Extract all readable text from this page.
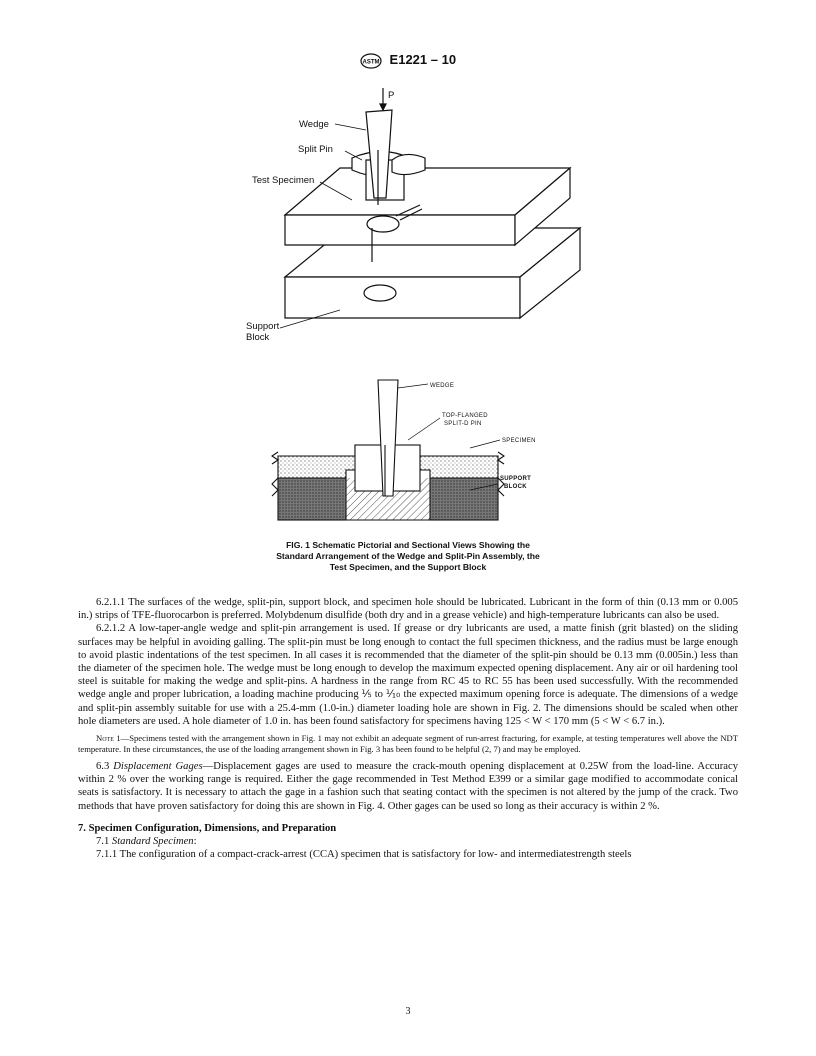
ASTM E1221 – 10
P
Wedge
Split Pin
Test Specimen
Support
Block
WEDGE
TOP-FLANGED
SPLIT-D PIN
SPECIMEN
SUPPORT
BLOCK
FIG. 1 Schematic Pictorial and Sectional Views Showing the
Standard Arrangement of the Wedge and Split-Pin Assembly, the
Test Specimen, and the Support Block

6.2.1.1 The surfaces of the wedge, split-pin, support block, and specimen hole should be lubricated. Lubricant in the form of thin (0.13 mm or 0.005 in.) strips of TFE-fluorocarbon is preferred. Molybdenum disulfide (both dry and in a grease vehicle) and high-temperature lubricants can also be used.

6.2.1.2 A low-taper-angle wedge and split-pin arrangement is used. If grease or dry lubricants are used, a matte finish (grit blasted) on the sliding surfaces may be helpful in avoiding galling. The split-pin must be long enough to contact the full specimen thickness, and the radius must be large enough to avoid plastic indentations of the test specimen. In all cases it is recommended that the diameter of the split-pin should be 0.13 mm (0.005in.) less than the diameter of the specimen hole. The wedge must be long enough to develop the maximum expected opening displacement. Any air or oil hardening tool steel is suitable for making the wedge and split-pins. A hardness in the range from RC 45 to RC 55 has been used successfully. With the recommended wedge angle and proper lubrication, a loading machine producing ⅕ to ⅒ the expected maximum opening force is adequate. The dimensions of a wedge and split-pin assembly suitable for use with a 25.4-mm (1.0-in.) diameter loading hole are shown in Fig. 2. The dimensions should be scaled when other hole diameters are used. A hole diameter of 1.0 in. has been found satisfactory for specimens having 125 < W < 170 mm (5 < W < 6.7 in.).

Note 1—Specimens tested with the arrangement shown in Fig. 1 may not exhibit an adequate segment of run-arrest fracturing, for example, at testing temperatures well above the NDT temperature. In these circumstances, the use of the loading arrangement shown in Fig. 3 has been found to be helpful (2, 7) and may be employed.

6.3 Displacement Gages—Displacement gages are used to measure the crack-mouth opening displacement at 0.25W from the load-line. Accuracy within 2 % over the working range is required. Either the gage recommended in Test Method E399 or a similar gage modified to accommodate conical seats is satisfactory. It is necessary to attach the gage in a fashion such that seating contact with the specimen is not altered by the jump of the crack. Two methods that have proven satisfactory for doing this are shown in Fig. 4. Other gages can be used so long as their accuracy is within 2 %.

7. Specimen Configuration, Dimensions, and Preparation

7.1 Standard Specimen:

7.1.1 The configuration of a compact-crack-arrest (CCA) specimen that is satisfactory for low- and intermediatestrength steels

3
